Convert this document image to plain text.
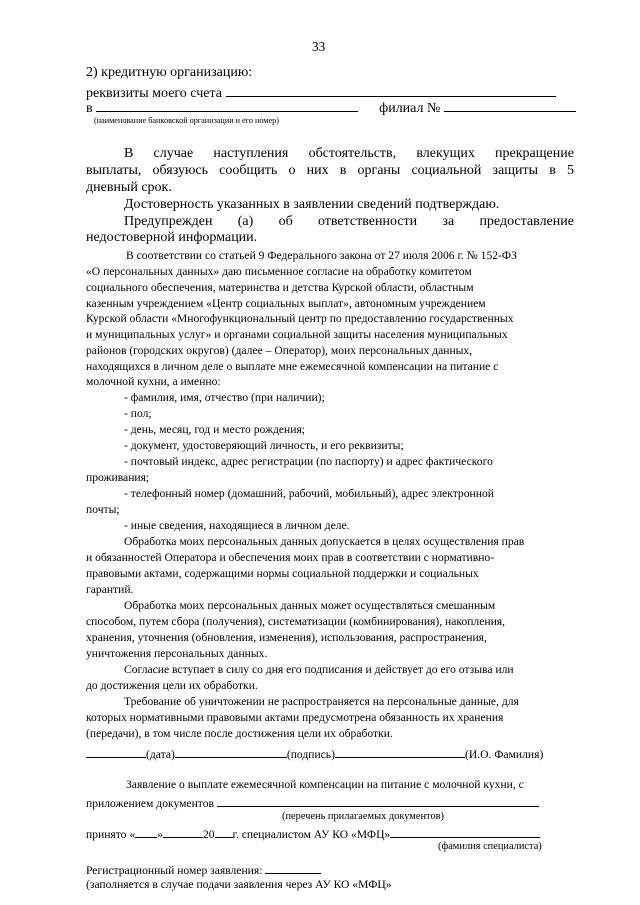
33
2) кредитную организацию:
реквизиты моего счета
в	филиал №
(наименование банковской организации и его номер)
В случае наступления обстоятельств, влекущих прекращение
выплаты, обязуюсь сообщить о них в органы социальной защиты в 5
дневный срок.
Достоверность указанных в заявлении сведений подтверждаю.
Предупрежден (а) об ответственности за предоставление
недостоверной информации.
В соответствии со статьей 9 Федерального закона от 27 июля 2006 г. № 152-ФЗ
«О персональных данных» даю письменное согласие на обработку комитетом
социального обеспечения, материнства и детства Курской области, областным
казенным учреждением «Центр социальных выплат», автономным учреждением
Курской области «Многофункциональный центр по предоставлению государственных
и муниципальных услуг» и органами социальной защиты населения муниципальных
районов (городских округов) (далее – Оператор), моих персональных данных,
находящихся в личном деле о выплате мне ежемесячной компенсации на питание с
молочной кухни, а именно:
- фамилия, имя, отчество (при наличии);
- пол;
- день, месяц, год и место рождения;
- документ, удостоверяющий личность, и его реквизиты;
- почтовый индекс, адрес регистрации (по паспорту) и адрес фактического
проживания;
- телефонный номер (домашний, рабочий, мобильный), адрес электронной
почты;
- иные сведения, находящиеся в личном деле.
Обработка моих персональных данных допускается в целях осуществления прав
и обязанностей Оператора и обеспечения моих прав в соответствии с нормативно-
правовыми актами, содержащими нормы социальной поддержки и социальных
гарантий.
Обработка моих персональных данных может осуществляться смешанным
способом, путем сбора (получения), систематизации (комбинирования), накопления,
хранения, уточнения (обновления, изменения), использования, распространения,
уничтожения персональных данных.
Согласие вступает в силу со дня его подписания и действует до его отзыва или
до достижения цели их обработки.
Требование об уничтожении не распространяется на персональные данные, для
которых нормативными правовыми актами предусмотрена обязанность их хранения
(передачи), в том числе после достижения цели их обработки.
(дата)	(подпись)	(И.О. Фамилия)
Заявление о выплате ежемесячной компенсации на питание с молочной кухни, с
приложением документов
(перечень прилагаемых документов)
принято « »	20 г. специалистом АУ КО «МФЦ»
(фамилия специалиста)
Регистрационный номер заявления:
(заполняется в случае подачи заявления через АУ КО «МФЦ»
